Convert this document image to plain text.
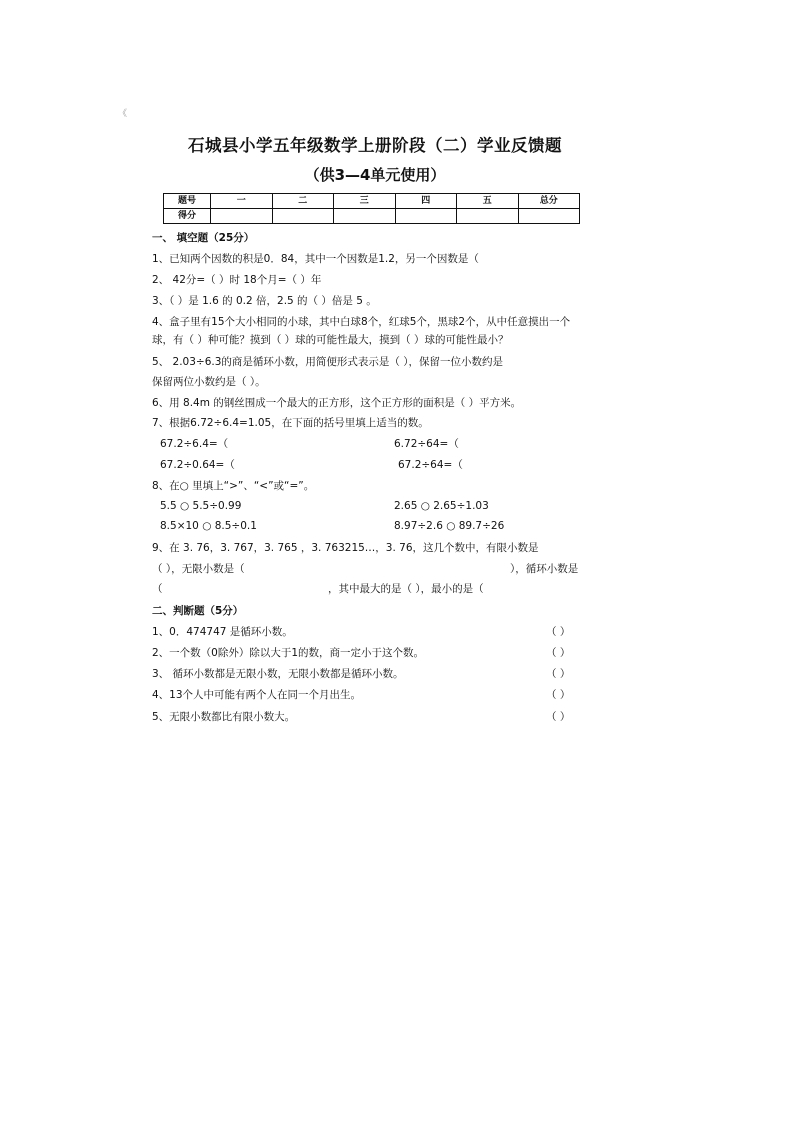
《
石城县小学五年级数学上册阶段（二）学业反馈题
（供3—4单元使用）
题号	一	二	三	四	五	总分
得分						
一、 填空题（25分）
1、已知两个因数的积是0．84，其中一个因数是1.2，另一个因数是（
2、 42分=（ ）时 18个月=（ ）年
3、（ ）是 1.6 的 0.2 倍，2.5 的（ ）倍是 5 。
4、盒子里有15个大小相同的小球，其中白球8个，红球5个，黑球2个，从中任意摸出一个
球，有（ ）种可能？摸到（ ）球的可能性最大，摸到（ ）球的可能性最小？
5、 2.03÷6.3的商是循环小数，用简便形式表示是（ ），保留一位小数约是
保留两位小数约是（ ）。
6、用 8.4m 的钢丝围成一个最大的正方形，这个正方形的面积是（ ）平方米。
7、根据6.72÷6.4=1.05，在下面的括号里填上适当的数。
67.2÷6.4=（	6.72÷64=（
67.2÷0.64=（	67.2÷64=（
8、在○ 里填上“>”、“<”或“=”。
5.5 ○ 5.5÷0.99	2.65 ○ 2.65÷1.03
8.5×10 ○ 8.5÷0.1	8.97÷2.6 ○ 89.7÷26
9、在 3. 76，3. 767，3. 765 ，3. 763215…，3. 76，这几个数中，有限小数是
（ ），无限小数是（	），循环小数是
（	，其中最大的是（ ），最小的是（
二、判断题（5分）
1、0．474747 是循环小数。	（ ）
2、一个数（0除外）除以大于1的数，商一定小于这个数。	（ ）
3、 循环小数都是无限小数，无限小数都是循环小数。	（ ）
4、13个人中可能有两个人在同一个月出生。	（ ）
5、无限小数都比有限小数大。	（ ）
